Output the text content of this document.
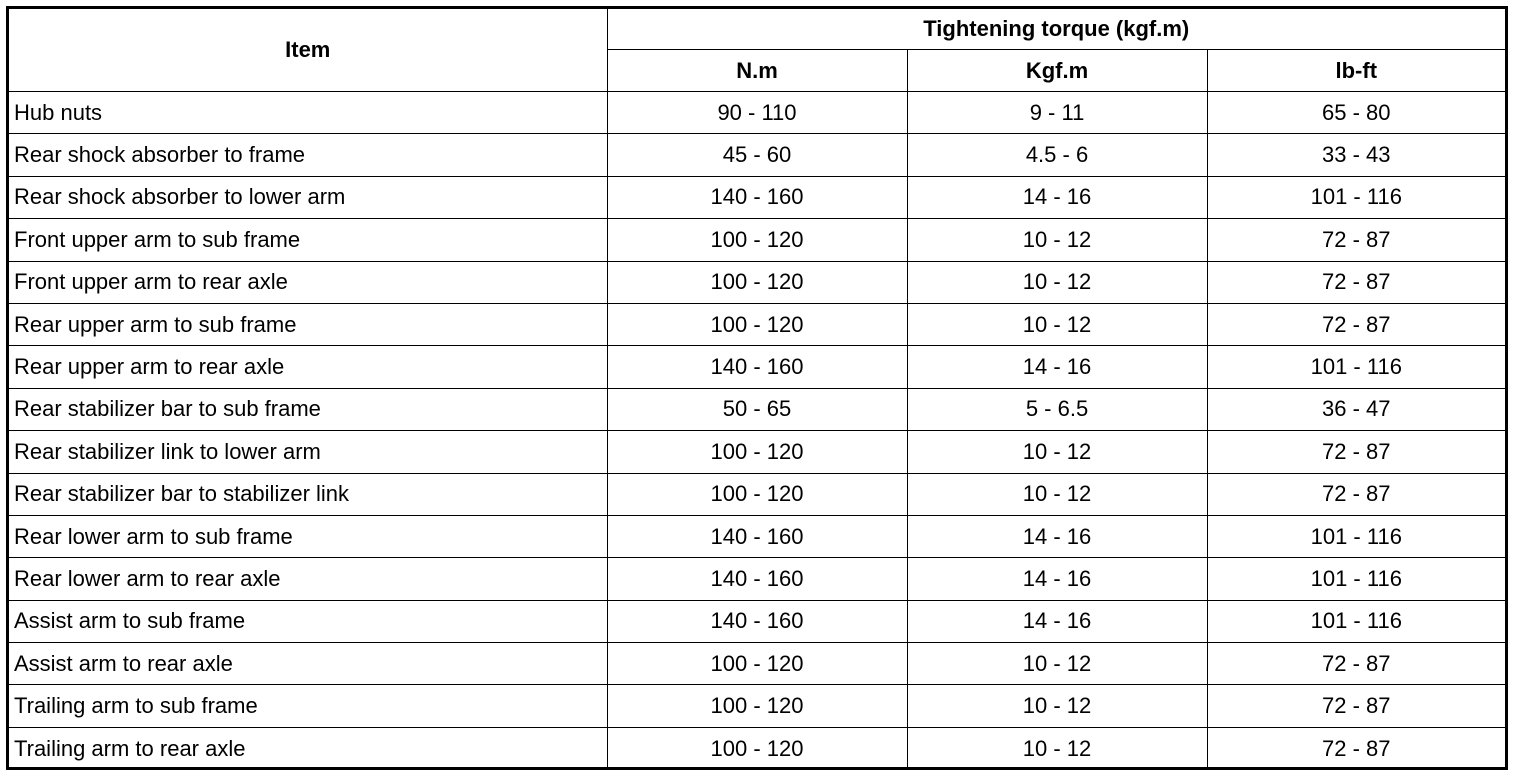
Item	Tightening torque (kgf.m)		
	N.m	Kgf.m	lb-ft
Hub nuts	90 - 110	9 - 11	65 - 80
Rear shock absorber to frame	45 - 60	4.5 - 6	33 - 43
Rear shock absorber to lower arm	140 - 160	14 - 16	101 - 116
Front upper arm to sub frame	100 - 120	10 - 12	72 - 87
Front upper arm to rear axle	100 - 120	10 - 12	72 - 87
Rear upper arm to sub frame	100 - 120	10 - 12	72 - 87
Rear upper arm to rear axle	140 - 160	14 - 16	101 - 116
Rear stabilizer bar to sub frame	50 - 65	5 - 6.5	36 - 47
Rear stabilizer link to lower arm	100 - 120	10 - 12	72 - 87
Rear stabilizer bar to stabilizer link	100 - 120	10 - 12	72 - 87
Rear lower arm to sub frame	140 - 160	14 - 16	101 - 116
Rear lower arm to rear axle	140 - 160	14 - 16	101 - 116
Assist arm to sub frame	140 - 160	14 - 16	101 - 116
Assist arm to rear axle	100 - 120	10 - 12	72 - 87
Trailing arm to sub frame	100 - 120	10 - 12	72 - 87
Trailing arm to rear axle	100 - 120	10 - 12	72 - 87
